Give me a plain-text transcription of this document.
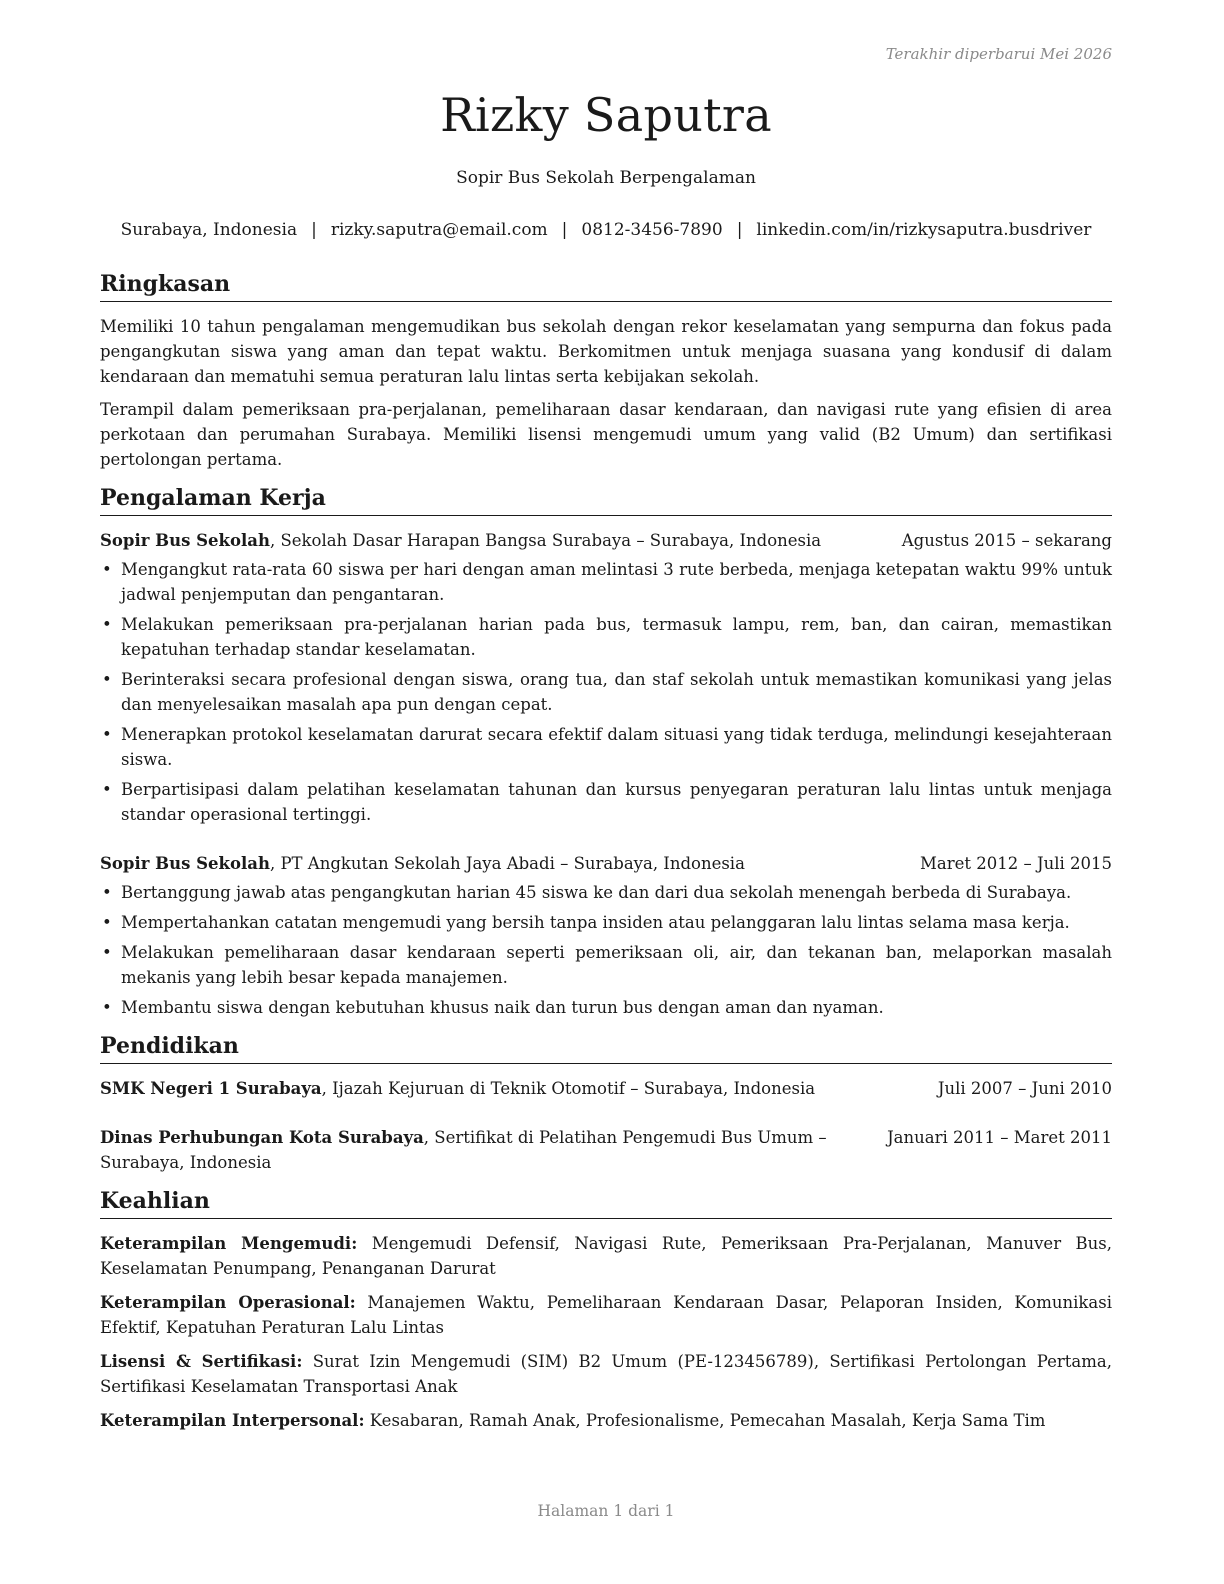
Terakhir diperbarui Mei 2026
Rizky Saputra
Sopir Bus Sekolah Berpengalaman
Surabaya, Indonesia | rizky.saputra@email.com | 0812-3456-7890 | linkedin.com/in/rizkysaputra.busdriver
Ringkasan

Memiliki 10 tahun pengalaman mengemudikan bus sekolah dengan rekor keselamatan yang sempurna dan fokus pada pengangkutan siswa yang aman dan tepat waktu. Berkomitmen untuk menjaga suasana yang kondusif di dalam kendaraan dan mematuhi semua peraturan lalu lintas serta kebijakan sekolah.

Terampil dalam pemeriksaan pra-perjalanan, pemeliharaan dasar kendaraan, dan navigasi rute yang efisien di area perkotaan dan perumahan Surabaya. Memiliki lisensi mengemudi umum yang valid (B2 Umum) dan sertifikasi pertolongan pertama.

Pengalaman Kerja
Sopir Bus Sekolah, Sekolah Dasar Harapan Bangsa Surabaya – Surabaya, Indonesia	Agustus 2015 – sekarang
• Mengangkut rata-rata 60 siswa per hari dengan aman melintasi 3 rute berbeda, menjaga ketepatan waktu 99% untuk jadwal penjemputan dan pengantaran.
• Melakukan pemeriksaan pra-perjalanan harian pada bus, termasuk lampu, rem, ban, dan cairan, memastikan kepatuhan terhadap standar keselamatan.
• Berinteraksi secara profesional dengan siswa, orang tua, dan staf sekolah untuk memastikan komunikasi yang jelas dan menyelesaikan masalah apa pun dengan cepat.
• Menerapkan protokol keselamatan darurat secara efektif dalam situasi yang tidak terduga, melindungi kesejahteraan siswa.
• Berpartisipasi dalam pelatihan keselamatan tahunan dan kursus penyegaran peraturan lalu lintas untuk menjaga standar operasional tertinggi.
Sopir Bus Sekolah, PT Angkutan Sekolah Jaya Abadi – Surabaya, Indonesia	Maret 2012 – Juli 2015
• Bertanggung jawab atas pengangkutan harian 45 siswa ke dan dari dua sekolah menengah berbeda di Surabaya.
• Mempertahankan catatan mengemudi yang bersih tanpa insiden atau pelanggaran lalu lintas selama masa kerja.
• Melakukan pemeliharaan dasar kendaraan seperti pemeriksaan oli, air, dan tekanan ban, melaporkan masalah mekanis yang lebih besar kepada manajemen.
• Membantu siswa dengan kebutuhan khusus naik dan turun bus dengan aman dan nyaman.
Pendidikan
SMK Negeri 1 Surabaya, Ijazah Kejuruan di Teknik Otomotif – Surabaya, Indonesia	Juli 2007 – Juni 2010
Dinas Perhubungan Kota Surabaya, Sertifikat di Pelatihan Pengemudi Bus Umum –	Januari 2011 – Maret 2011
Surabaya, Indonesia
Keahlian
Keterampilan Mengemudi: Mengemudi Defensif, Navigasi Rute, Pemeriksaan Pra-Perjalanan, Manuver Bus, Keselamatan Penumpang, Penanganan Darurat
Keterampilan Operasional: Manajemen Waktu, Pemeliharaan Kendaraan Dasar, Pelaporan Insiden, Komunikasi Efektif, Kepatuhan Peraturan Lalu Lintas
Lisensi & Sertifikasi: Surat Izin Mengemudi (SIM) B2 Umum (PE-123456789), Sertifikasi Pertolongan Pertama, Sertifikasi Keselamatan Transportasi Anak
Keterampilan Interpersonal: Kesabaran, Ramah Anak, Profesionalisme, Pemecahan Masalah, Kerja Sama Tim
Halaman 1 dari 1
